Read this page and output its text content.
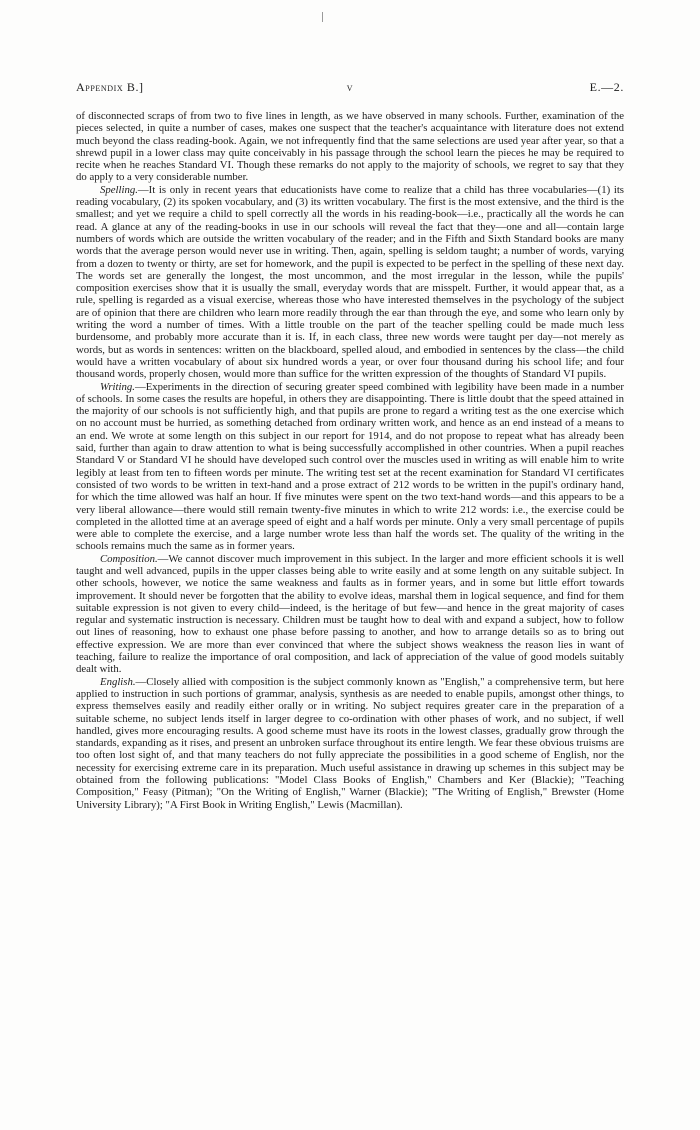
Appendix B.]	v	E.—2.

of disconnected scraps of from two to five lines in length, as we have observed in many schools. Further, examination of the pieces selected, in quite a number of cases, makes one suspect that the teacher's acquaintance with literature does not extend much beyond the class reading-book. Again, we not infrequently find that the same selections are used year after year, so that a shrewd pupil in a lower class may quite conceivably in his passage through the school learn the pieces he may be required to recite when he reaches Standard VI. Though these remarks do not apply to the majority of schools, we regret to say that they do apply to a very considerable number.

Spelling.—It is only in recent years that educationists have come to realize that a child has three vocabularies—(1) its reading vocabulary, (2) its spoken vocabulary, and (3) its written vocabulary. The first is the most extensive, and the third is the smallest; and yet we require a child to spell correctly all the words in his reading-book—i.e., practically all the words he can read. A glance at any of the reading-books in use in our schools will reveal the fact that they—one and all—contain large numbers of words which are outside the written vocabulary of the reader; and in the Fifth and Sixth Standard books are many words that the average person would never use in writing. Then, again, spelling is seldom taught; a number of words, varying from a dozen to twenty or thirty, are set for homework, and the pupil is expected to be perfect in the spelling of these next day. The words set are generally the longest, the most uncommon, and the most irregular in the lesson, while the pupils' composition exercises show that it is usually the small, everyday words that are misspelt. Further, it would appear that, as a rule, spelling is regarded as a visual exercise, whereas those who have interested themselves in the psychology of the subject are of opinion that there are children who learn more readily through the ear than through the eye, and some who learn only by writing the word a number of times. With a little trouble on the part of the teacher spelling could be made much less burdensome, and probably more accurate than it is. If, in each class, three new words were taught per day—not merely as words, but as words in sentences: written on the blackboard, spelled aloud, and embodied in sentences by the class—the child would have a written vocabulary of about six hundred words a year, or over four thousand during his school life; and four thousand words, properly chosen, would more than suffice for the written expression of the thoughts of Standard VI pupils.

Writing.—Experiments in the direction of securing greater speed combined with legibility have been made in a number of schools. In some cases the results are hopeful, in others they are disappointing. There is little doubt that the speed attained in the majority of our schools is not sufficiently high, and that pupils are prone to regard a writing test as the one exercise which on no account must be hurried, as something detached from ordinary written work, and hence as an end instead of a means to an end. We wrote at some length on this subject in our report for 1914, and do not propose to repeat what has already been said, further than again to draw attention to what is being successfully accomplished in other countries. When a pupil reaches Standard V or Standard VI he should have developed such control over the muscles used in writing as will enable him to write legibly at least from ten to fifteen words per minute. The writing test set at the recent examination for Standard VI certificates consisted of two words to be written in text-hand and a prose extract of 212 words to be written in the pupil's ordinary hand, for which the time allowed was half an hour. If five minutes were spent on the two text-hand words—and this appears to be a very liberal allowance—there would still remain twenty-five minutes in which to write 212 words: i.e., the exercise could be completed in the allotted time at an average speed of eight and a half words per minute. Only a very small percentage of pupils were able to complete the exercise, and a large number wrote less than half the words set. The quality of the writing in the schools remains much the same as in former years.

Composition.—We cannot discover much improvement in this subject. In the larger and more efficient schools it is well taught and well advanced, pupils in the upper classes being able to write easily and at some length on any suitable subject. In other schools, however, we notice the same weakness and faults as in former years, and in some but little effort towards improvement. It should never be forgotten that the ability to evolve ideas, marshal them in logical sequence, and find for them suitable expression is not given to every child—indeed, is the heritage of but few—and hence in the great majority of cases regular and systematic instruction is necessary. Children must be taught how to deal with and expand a subject, how to follow out lines of reasoning, how to exhaust one phase before passing to another, and how to arrange details so as to bring out effective expression. We are more than ever convinced that where the subject shows weakness the reason lies in want of teaching, failure to realize the importance of oral composition, and lack of appreciation of the value of good models suitably dealt with.

English.—Closely allied with composition is the subject commonly known as "English," a comprehensive term, but here applied to instruction in such portions of grammar, analysis, synthesis as are needed to enable pupils, amongst other things, to express themselves easily and readily either orally or in writing. No subject requires greater care in the preparation of a suitable scheme, no subject lends itself in larger degree to co-ordination with other phases of work, and no subject, if well handled, gives more encouraging results. A good scheme must have its roots in the lowest classes, gradually grow through the standards, expanding as it rises, and present an unbroken surface throughout its entire length. We fear these obvious truisms are too often lost sight of, and that many teachers do not fully appreciate the possibilities in a good scheme of English, nor the necessity for exercising extreme care in its preparation. Much useful assistance in drawing up schemes in this subject may be obtained from the following publications: "Model Class Books of English," Chambers and Ker (Blackie); "Teaching Composition," Feasy (Pitman); "On the Writing of English," Warner (Blackie); "The Writing of English," Brewster (Home University Library); "A First Book in Writing English," Lewis (Macmillan).
